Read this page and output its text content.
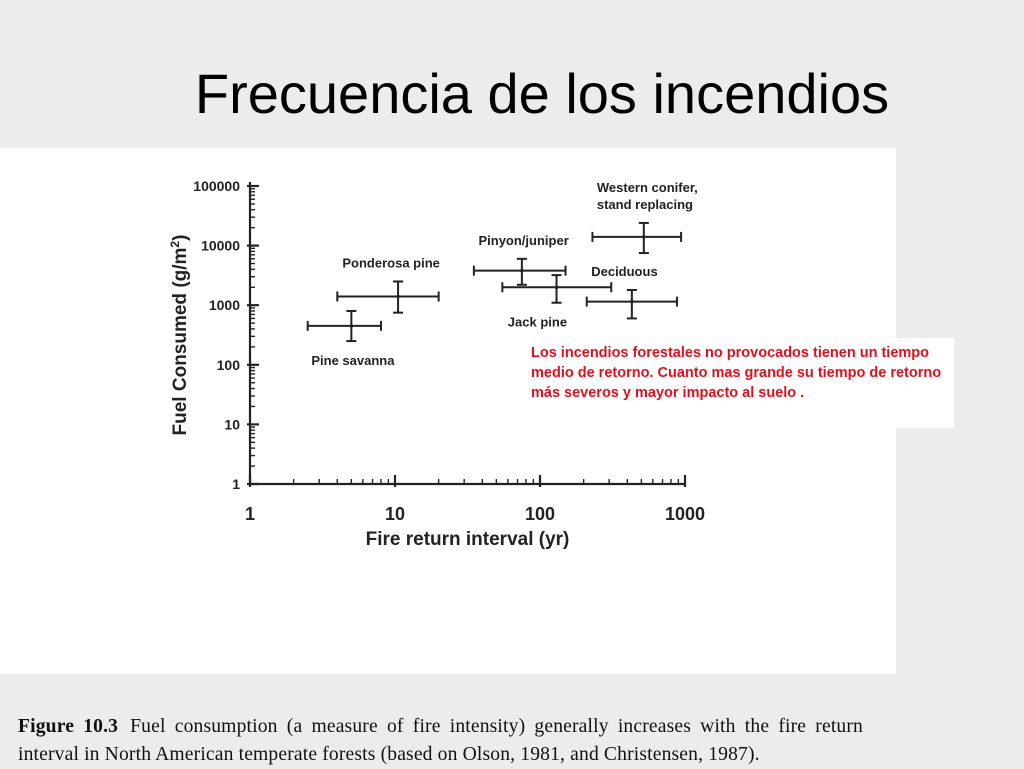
Frecuencia de los incendios
1
10
100
1000
10000
100000
1	10	100	1000
Fire return interval (yr)
Fuel Consumed $(g/m^2)$
Pine savanna
Ponderosa pine
Pinyon/juniper
Jack pine
Deciduous
Western conifer,
stand replacing
Figure 10.3 Fuel consumption (a measure of fire intensity) generally increases with the fire return interval in North American temperate forests (based on Olson, 1981, and Christensen, 1987).
Los incendios forestales no provocados tienen un tiempo medio de retorno. Cuanto mas grande su tiempo de retorno más severos y mayor impacto al suelo .
